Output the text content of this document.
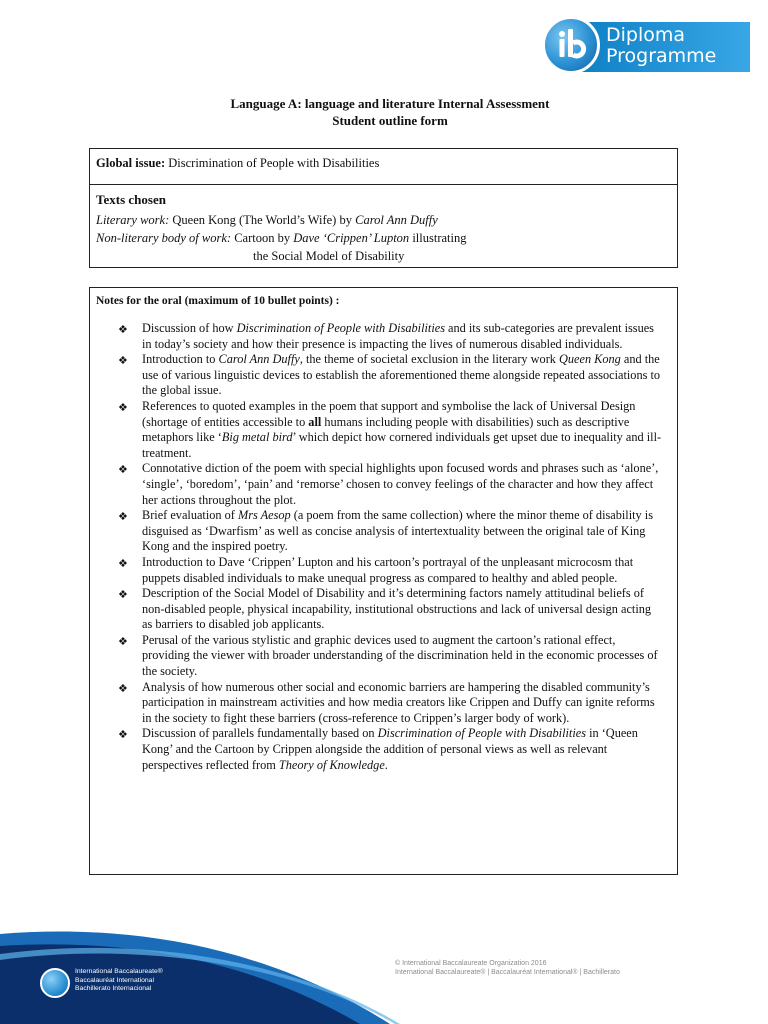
Diploma
Programme
Language A: language and literature Internal Assessment
Student outline form
Global issue: Discrimination of People with Disabilities
Texts chosen
Literary work: Queen Kong (The World’s Wife) by Carol Ann Duffy
Non-literary body of work: Cartoon by Dave ‘Crippen’ Lupton illustrating
the Social Model of Disability
Notes for the oral (maximum of 10 bullet points) :
❖ Discussion of how Discrimination of People with Disabilities and its sub-categories are prevalent issues in today’s society and how their presence is impacting the lives of numerous disabled individuals.
❖ Introduction to Carol Ann Duffy, the theme of societal exclusion in the literary work Queen Kong and the use of various linguistic devices to establish the aforementioned theme alongside repeated associations to the global issue.
❖ References to quoted examples in the poem that support and symbolise the lack of Universal Design (shortage of entities accessible to all humans including people with disabilities) such as descriptive metaphors like ‘Big metal bird’ which depict how cornered individuals get upset due to inequality and ill-treatment.
❖ Connotative diction of the poem with special highlights upon focused words and phrases such as ‘alone’, ‘single’, ‘boredom’, ‘pain’ and ‘remorse’ chosen to convey feelings of the character and how they affect her actions throughout the plot.
❖ Brief evaluation of Mrs Aesop (a poem from the same collection) where the minor theme of disability is disguised as ‘Dwarfism’ as well as concise analysis of intertextuality between the original tale of King Kong and the inspired poetry.
❖ Introduction to Dave ‘Crippen’ Lupton and his cartoon’s portrayal of the unpleasant microcosm that puppets disabled individuals to make unequal progress as compared to healthy and abled people.
❖ Description of the Social Model of Disability and it’s determining factors namely attitudinal beliefs of non-disabled people, physical incapability, institutional obstructions and lack of universal design acting as barriers to disabled job applicants.
❖ Perusal of the various stylistic and graphic devices used to augment the cartoon’s rational effect, providing the viewer with broader understanding of the discrimination held in the economic processes of the society.
❖ Analysis of how numerous other social and economic barriers are hampering the disabled community’s participation in mainstream activities and how media creators like Crippen and Duffy can ignite reforms in the society to fight these barriers (cross-reference to Crippen’s larger body of work).
❖ Discussion of parallels fundamentally based on Discrimination of People with Disabilities in ‘Queen Kong’ and the Cartoon by Crippen alongside the addition of personal views as well as relevant perspectives reflected from Theory of Knowledge.
International Baccalaureate®
Baccalauréat International
Bachillerato Internacional
© International Baccalaureate Organization 2016
International Baccalaureate® | Baccalauréat International® | Bachillerato
